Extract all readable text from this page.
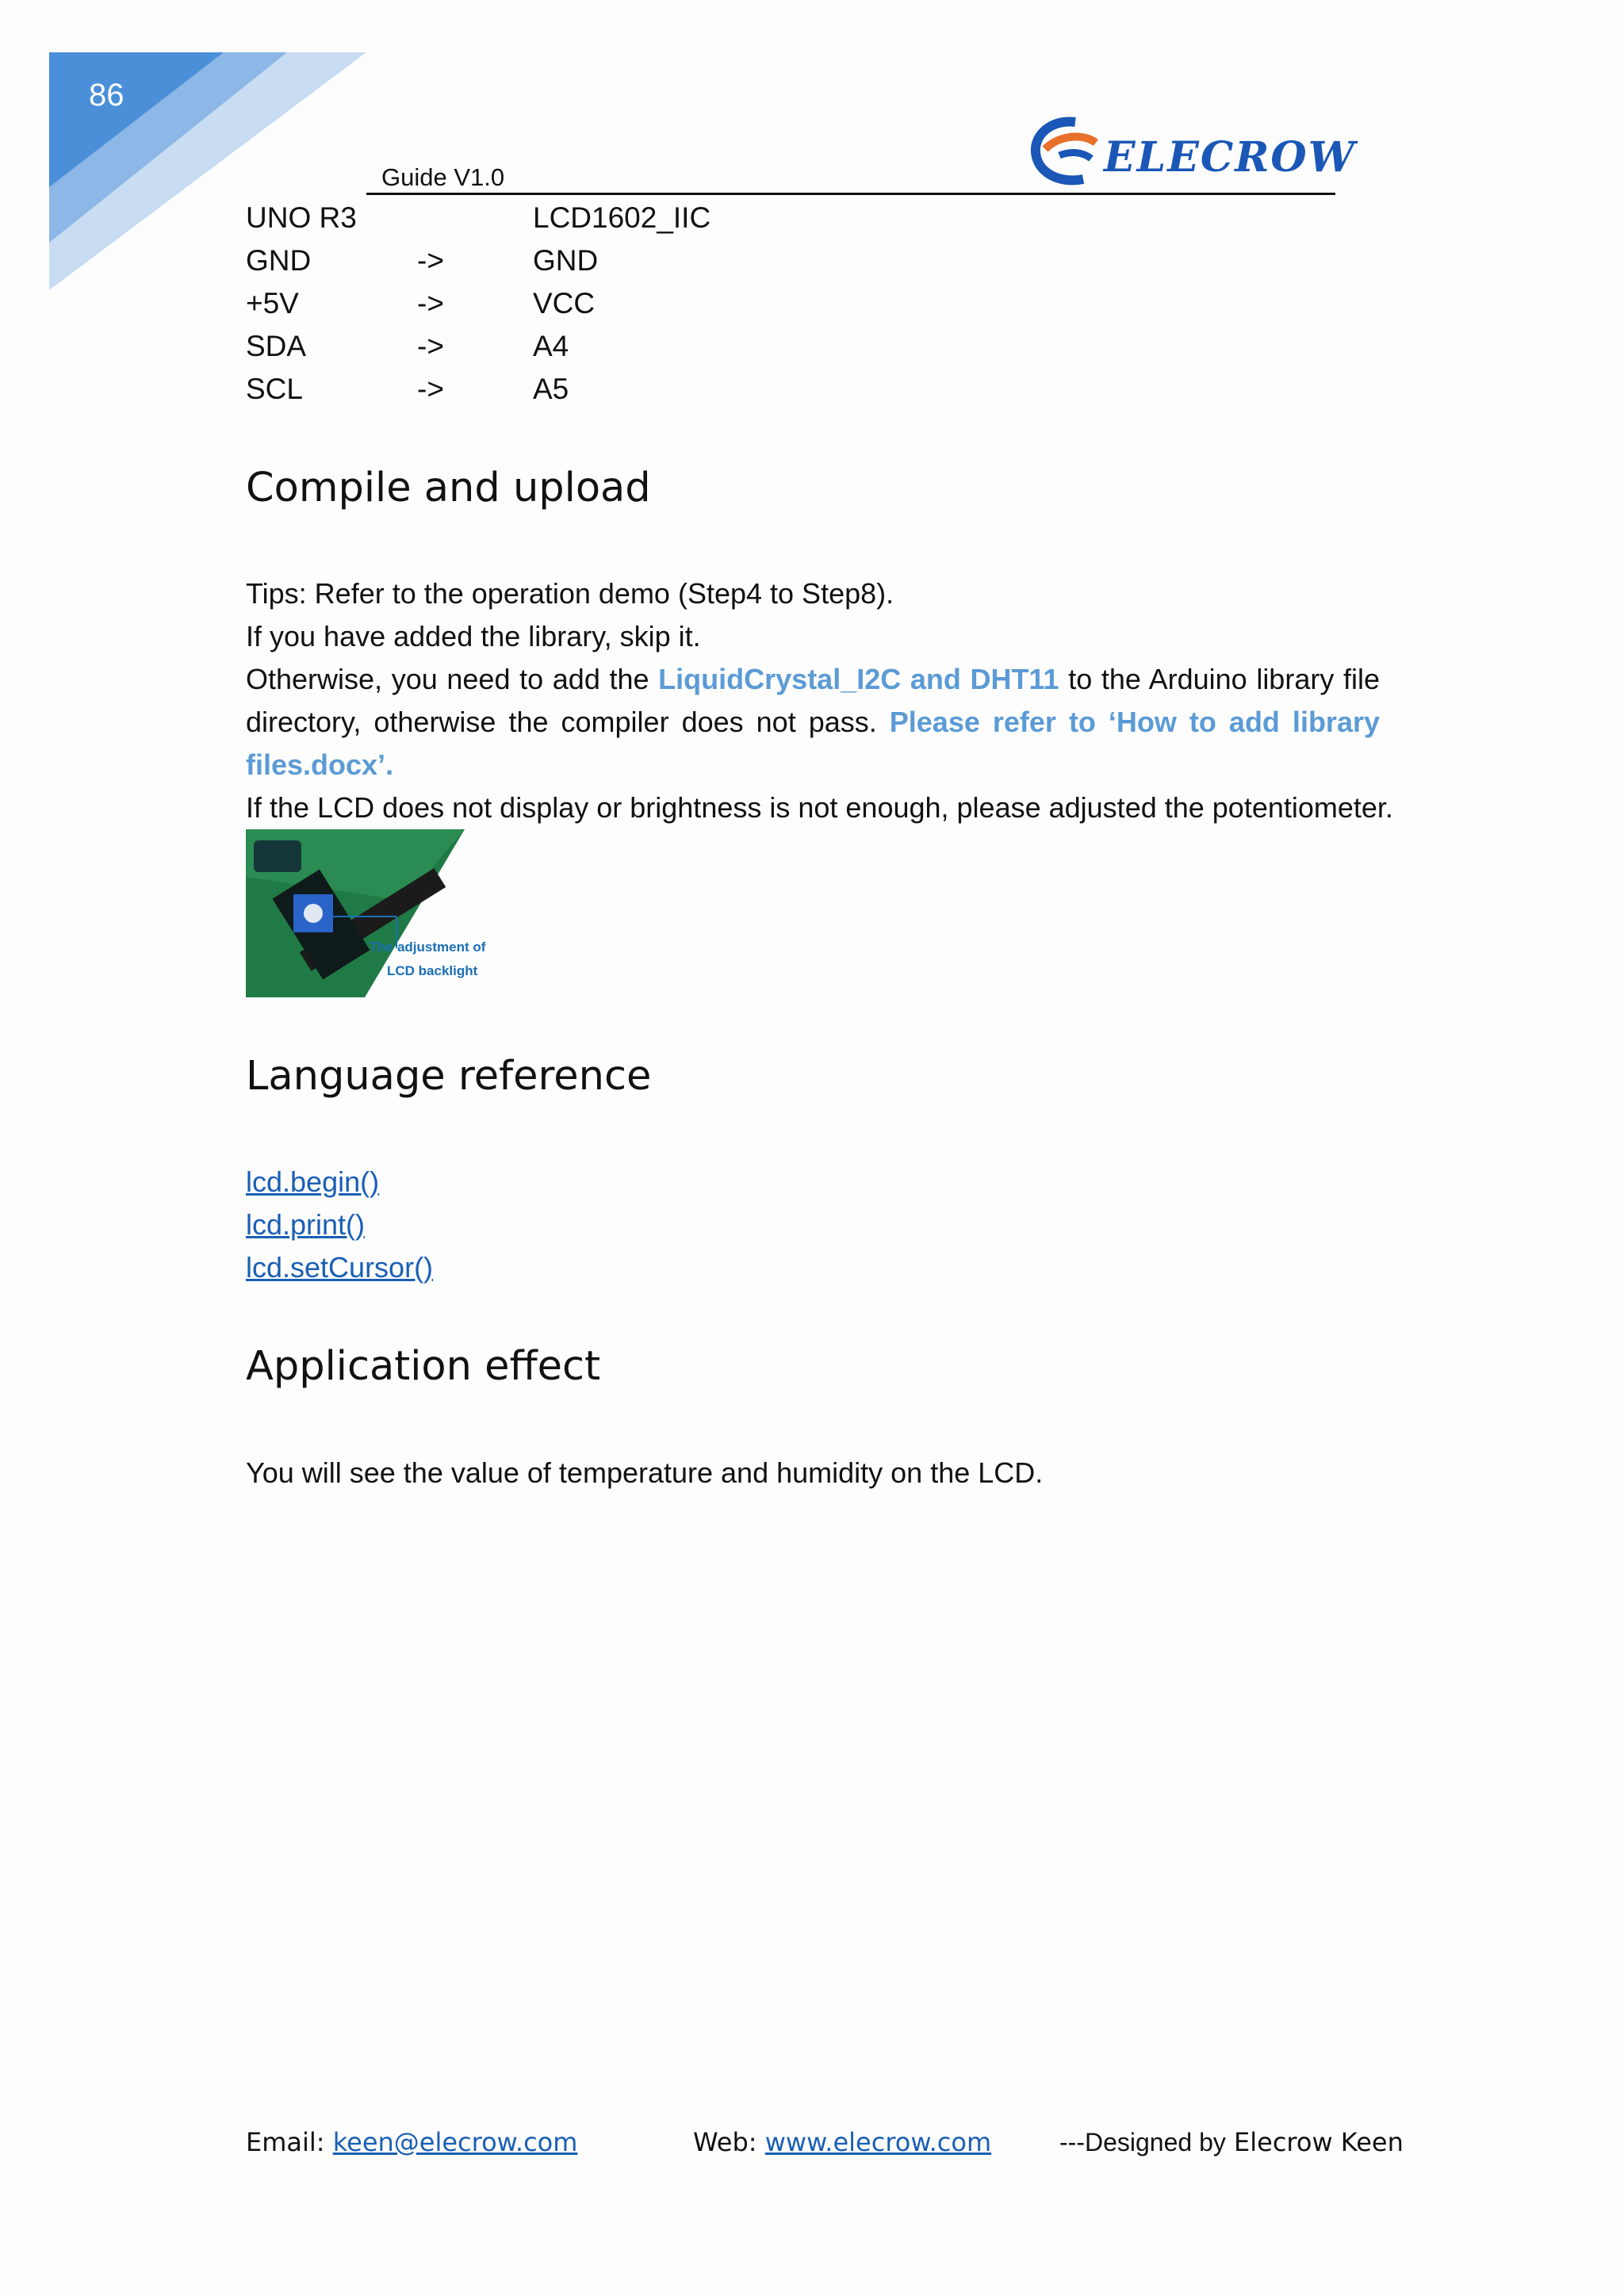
86
Guide V1.0	ELECROW
UNO R3	LCD1602_IIC
GND	->	GND
+5V	->	VCC
SDA	->	A4
SCL	->	A5
Compile and upload

Tips: Refer to the operation demo (Step4 to Step8).

If you have added the library, skip it.

Otherwise, you need to add the LiquidCrystal_I2C and DHT11 to the Arduino library file directory, otherwise the compiler does not pass. Please refer to ‘How to add library files.docx’.

If the LCD does not display or brightness is not enough, please adjusted the potentiometer.

The adjustment of
LCD backlight
Language reference
lcd.begin()
lcd.print()
lcd.setCursor()
Application effect
You will see the value of temperature and humidity on the LCD.
Email: keen@elecrow.com	Web: www.elecrow.com	---Designed by Elecrow Keen
